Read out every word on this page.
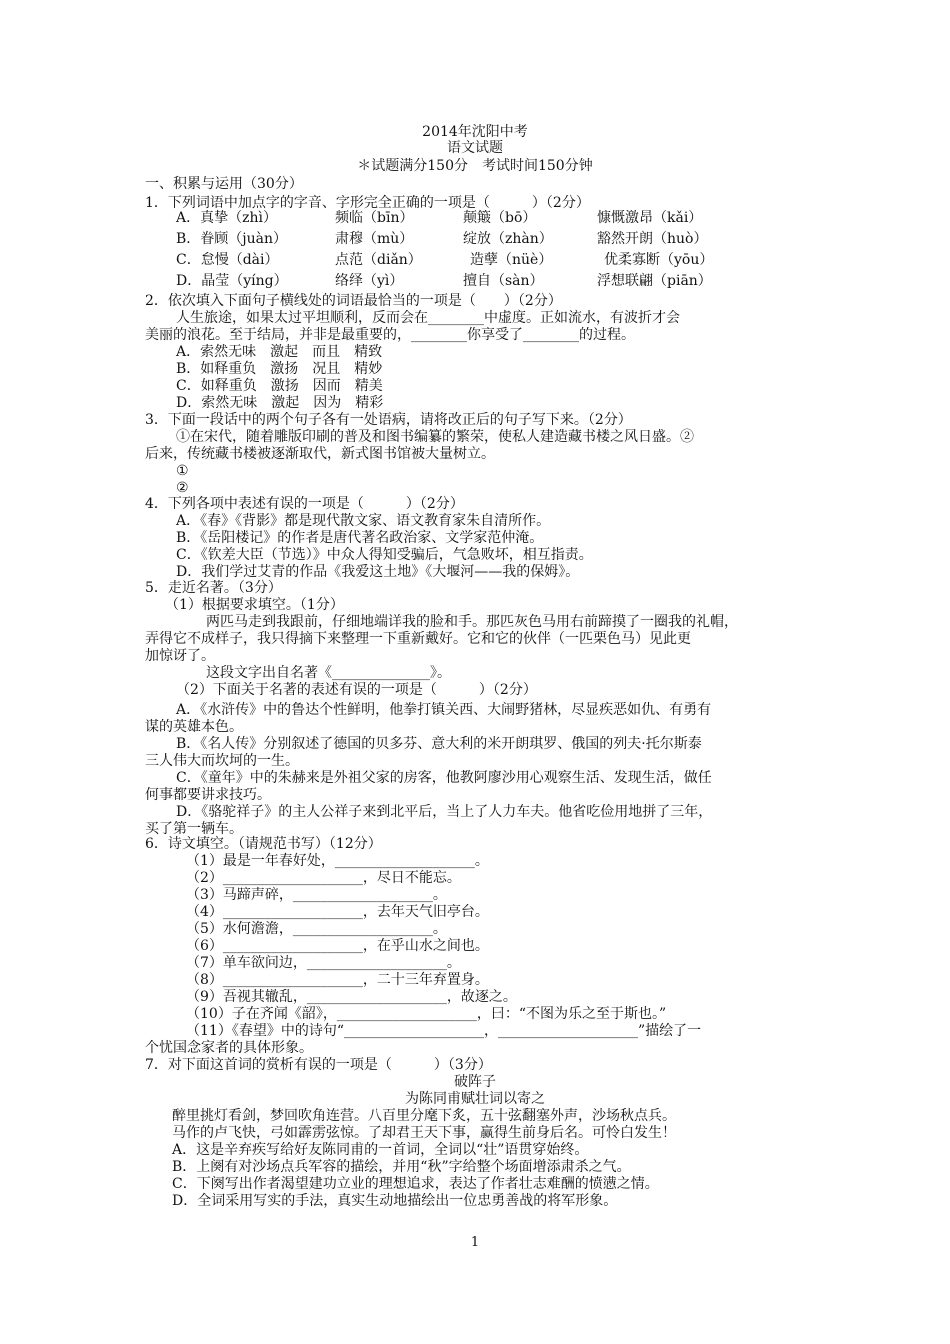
2014年沈阳中考
语文试题
＊试题满分150分　考试时间150分钟
一、积累与运用（30分）
1．下列词语中加点字的字音、字形完全正确的一项是（　　　）（2分）
A．真挚（zhì）	频临（bīn）	颠簸（bō）	慷慨激昂（kǎi）
B．眷顾（juàn）	肃穆（mù）	绽放（zhàn）	豁然开朗（huò）
C．怠慢（dài）	点范（diǎn）	造孽（nüè）	优柔寡断（yōu）
D．晶莹（yíng）	络绎（yì）	擅自（sàn）	浮想联翩（piān）
2．依次填入下面句子横线处的词语最恰当的一项是（　　）（2分）
人生旅途，如果太过平坦顺利，反而会在________中虚度。正如流水，有波折才会
美丽的浪花。至于结局，并非是最重要的，________你享受了________的过程。
A．索然无味　激起　而且　精致
B．如释重负　激扬　况且　精妙
C．如释重负　激扬　因而　精美
D．索然无味　激起　因为　精彩
3．下面一段话中的两个句子各有一处语病，请将改正后的句子写下来。（2分）
①在宋代，随着雕版印刷的普及和图书编纂的繁荣，使私人建造藏书楼之风日盛。②
后来，传统藏书楼被逐渐取代，新式图书馆被大量树立。
①
②
4．下列各项中表述有误的一项是（　　　）（2分）
A．《春》《背影》都是现代散文家、语文教育家朱自清所作。
B．《岳阳楼记》的作者是唐代著名政治家、文学家范仲淹。
C．《钦差大臣（节选）》中众人得知受骗后，气急败坏，相互指责。
D．我们学过艾青的作品《我爱这土地》《大堰河——我的保姆》。
5．走近名著。（3分）
（1）根据要求填空。（1分）
两匹马走到我跟前，仔细地端详我的脸和手。那匹灰色马用右前蹄摸了一圈我的礼帽，
弄得它不成样子，我只得摘下来整理一下重新戴好。它和它的伙伴（一匹栗色马）见此更
加惊讶了。
这段文字出自名著《______________》。
（2）下面关于名著的表述有误的一项是（　　　）（2分）
A．《水浒传》中的鲁达个性鲜明，他拳打镇关西、大闹野猪林，尽显疾恶如仇、有勇有
谋的英雄本色。
B．《名人传》分别叙述了德国的贝多芬、意大利的米开朗琪罗、俄国的列夫·托尔斯泰
三人伟大而坎坷的一生。
C．《童年》中的朱赫来是外祖父家的房客，他教阿廖沙用心观察生活、发现生活，做任
何事都要讲求技巧。
D．《骆驼祥子》的主人公祥子来到北平后，当上了人力车夫。他省吃俭用地拼了三年，
买了第一辆车。
6．诗文填空。（请规范书写）（12分）
（1）最是一年春好处，____________________。
（2）____________________，尽日不能忘。
（3）马蹄声碎，____________________。
（4）____________________，去年天气旧亭台。
（5）水何澹澹，____________________。
（6）____________________，在乎山水之间也。
（7）单车欲问边，____________________。
（8）____________________，二十三年弃置身。
（9）吾视其辙乱，____________________，故逐之。
（10）子在齐闻《韶》，____________________，曰：“不图为乐之至于斯也。”
（11）《春望》中的诗句“____________________，____________________”描绘了一
个忧国念家者的具体形象。
7．对下面这首词的赏析有误的一项是（　　　）（3分）
破阵子
为陈同甫赋壮词以寄之
醉里挑灯看剑，梦回吹角连营。八百里分麾下炙，五十弦翻塞外声，沙场秋点兵。
马作的卢飞快，弓如霹雳弦惊。了却君王天下事，赢得生前身后名。可怜白发生！
A．这是辛弃疾写给好友陈同甫的一首词，全词以“壮”语贯穿始终。
B．上阕有对沙场点兵军容的描绘，并用“秋”字给整个场面增添肃杀之气。
C．下阕写出作者渴望建功立业的理想追求，表达了作者壮志难酬的愤懑之情。
D．全词采用写实的手法，真实生动地描绘出一位忠勇善战的将军形象。
1
